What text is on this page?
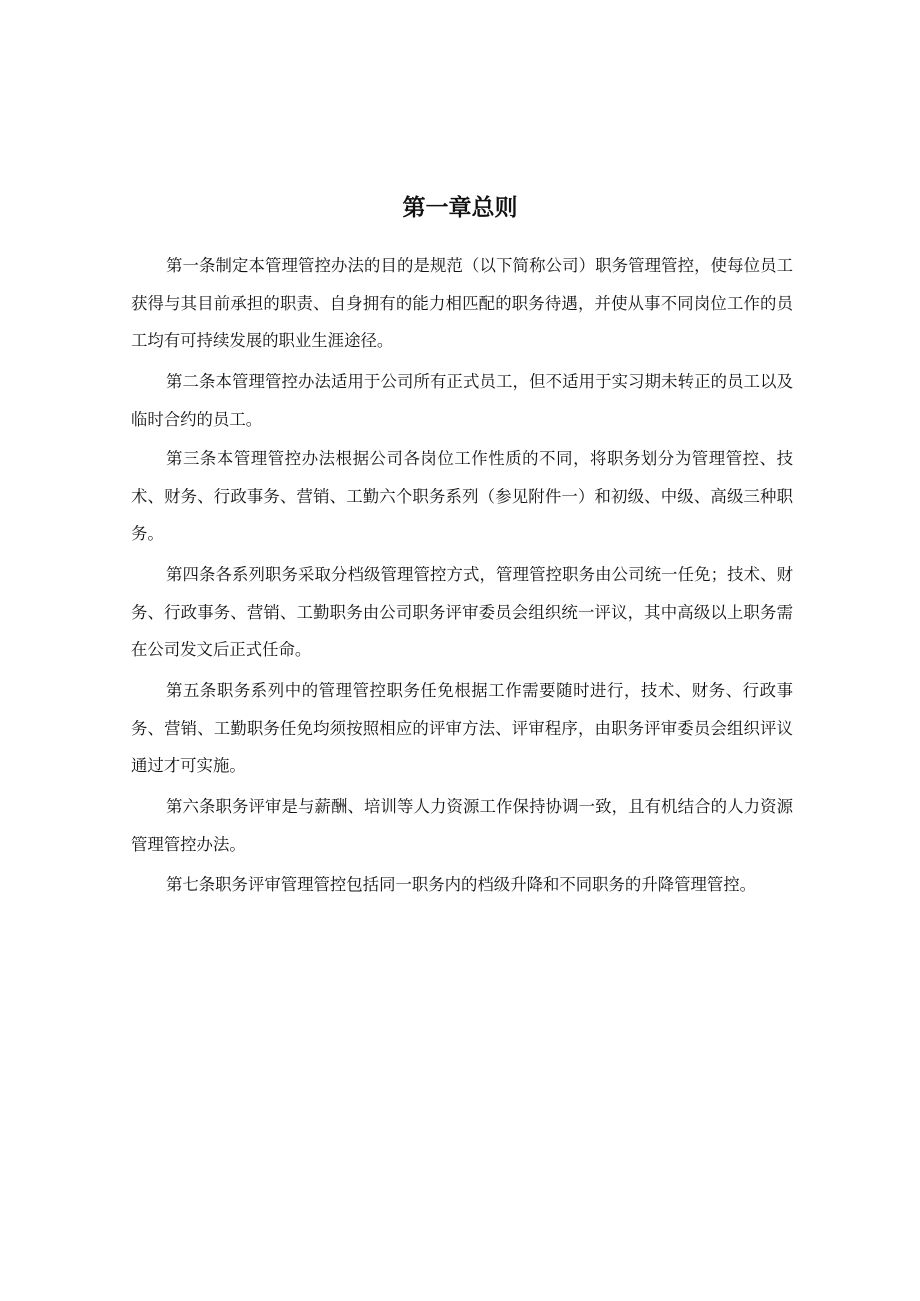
第一章总则

第一条制定本管理管控办法的目的是规范（以下简称公司）职务管理管控，使每位员工获得与其目前承担的职责、自身拥有的能力相匹配的职务待遇，并使从事不同岗位工作的员工均有可持续发展的职业生涯途径。

第二条本管理管控办法适用于公司所有正式员工，但不适用于实习期未转正的员工以及临时合约的员工。

第三条本管理管控办法根据公司各岗位工作性质的不同，将职务划分为管理管控、技术、财务、行政事务、营销、工勤六个职务系列（参见附件一）和初级、中级、高级三种职务。

第四条各系列职务采取分档级管理管控方式，管理管控职务由公司统一任免；技术、财务、行政事务、营销、工勤职务由公司职务评审委员会组织统一评议，其中高级以上职务需在公司发文后正式任命。

第五条职务系列中的管理管控职务任免根据工作需要随时进行，技术、财务、行政事务、营销、工勤职务任免均须按照相应的评审方法、评审程序，由职务评审委员会组织评议通过才可实施。

第六条职务评审是与薪酬、培训等人力资源工作保持协调一致，且有机结合的人力资源管理管控办法。

第七条职务评审管理管控包括同一职务内的档级升降和不同职务的升降管理管控。
